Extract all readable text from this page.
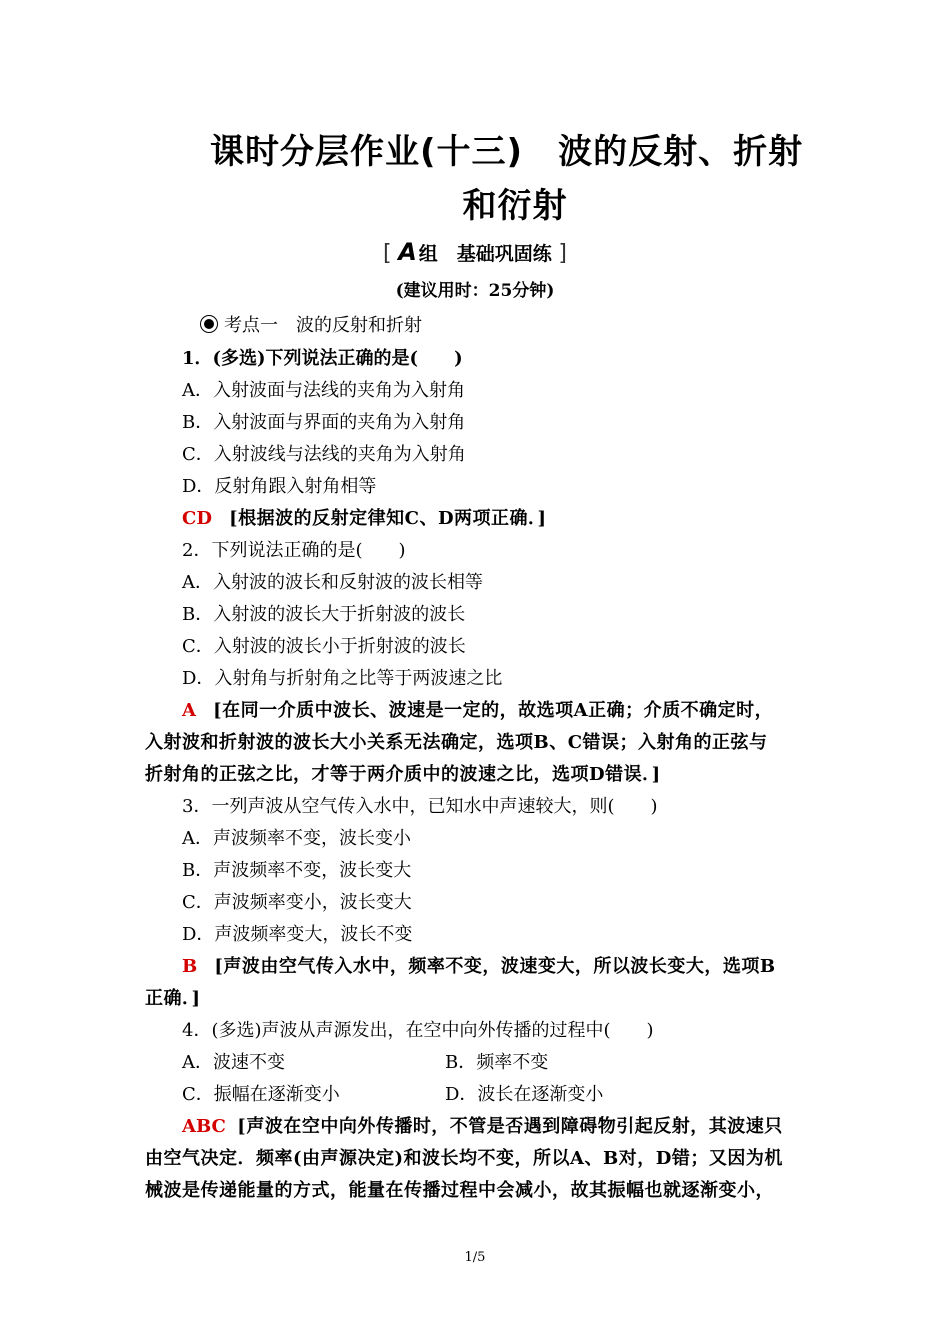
课时分层作业(十三)　波的反射、折射
和衍射
[ A 组　基础巩固练 ]
(建议用时：25分钟)
考点一　波的反射和折射
1．(多选)下列说法正确的是(　　)
A．入射波面与法线的夹角为入射角
B．入射波面与界面的夹角为入射角
C．入射波线与法线的夹角为入射角
D．反射角跟入射角相等
CD [根据波的反射定律知C、D两项正确．]
2．下列说法正确的是(　　)
A．入射波的波长和反射波的波长相等
B．入射波的波长大于折射波的波长
C．入射波的波长小于折射波的波长
D．入射角与折射角之比等于两波速之比
A [在同一介质中波长、波速是一定的，故选项A正确；介质不确定时，
入射波和折射波的波长大小关系无法确定，选项B、C错误；入射角的正弦与
折射角的正弦之比，才等于两介质中的波速之比，选项D错误．]
3．一列声波从空气传入水中，已知水中声速较大，则(　　)
A．声波频率不变，波长变小
B．声波频率不变，波长变大
C．声波频率变小，波长变大
D．声波频率变大，波长不变
B [声波由空气传入水中，频率不变，波速变大，所以波长变大，选项B
正确．]
4．(多选)声波从声源发出，在空中向外传播的过程中(　　)
A．波速不变	B．频率不变
C．振幅在逐渐变小	D．波长在逐渐变小
ABC [声波在空中向外传播时，不管是否遇到障碍物引起反射，其波速只
由空气决定．频率(由声源决定)和波长均不变，所以A、B对，D错；又因为机
械波是传递能量的方式，能量在传播过程中会减小，故其振幅也就逐渐变小，
1/5
